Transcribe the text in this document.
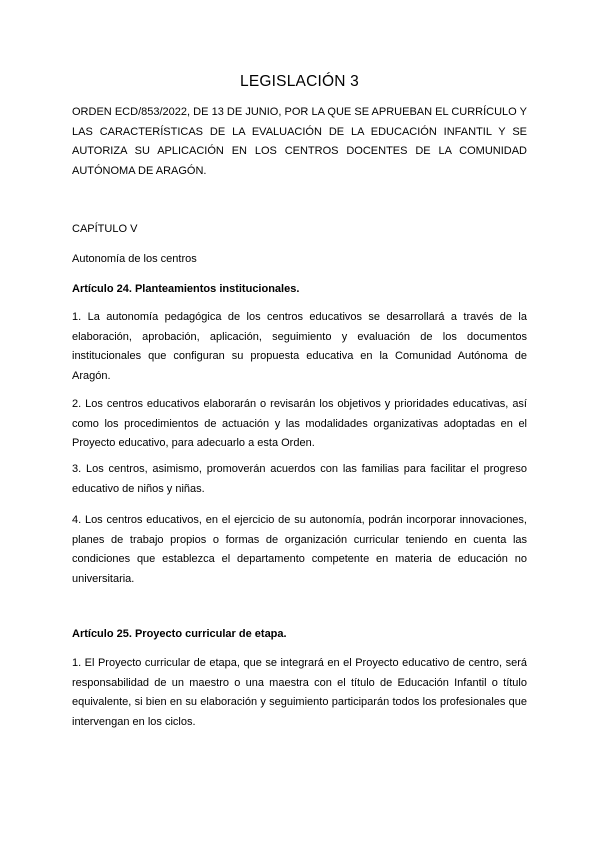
LEGISLACIÓN 3

ORDEN ECD/853/2022, DE 13 DE JUNIO, POR LA QUE SE APRUEBAN EL CURRÍCULO Y LAS CARACTERÍSTICAS DE LA EVALUACIÓN DE LA EDUCACIÓN INFANTIL Y SE AUTORIZA SU APLICACIÓN EN LOS CENTROS DOCENTES DE LA COMUNIDAD AUTÓNOMA DE ARAGÓN.

CAPÍTULO V

Autonomía de los centros

Artículo 24. Planteamientos institucionales.

1. La autonomía pedagógica de los centros educativos se desarrollará a través de la elaboración, aprobación, aplicación, seguimiento y evaluación de los documentos institucionales que configuran su propuesta educativa en la Comunidad Autónoma de Aragón.

2. Los centros educativos elaborarán o revisarán los objetivos y prioridades educativas, así como los procedimientos de actuación y las modalidades organizativas adoptadas en el Proyecto educativo, para adecuarlo a esta Orden.

3. Los centros, asimismo, promoverán acuerdos con las familias para facilitar el progreso educativo de niños y niñas.

4. Los centros educativos, en el ejercicio de su autonomía, podrán incorporar innovaciones, planes de trabajo propios o formas de organización curricular teniendo en cuenta las condiciones que establezca el departamento competente en materia de educación no universitaria.

Artículo 25. Proyecto curricular de etapa.

1. El Proyecto curricular de etapa, que se integrará en el Proyecto educativo de centro, será responsabilidad de un maestro o una maestra con el título de Educación Infantil o título equivalente, si bien en su elaboración y seguimiento participarán todos los profesionales que intervengan en los ciclos.
